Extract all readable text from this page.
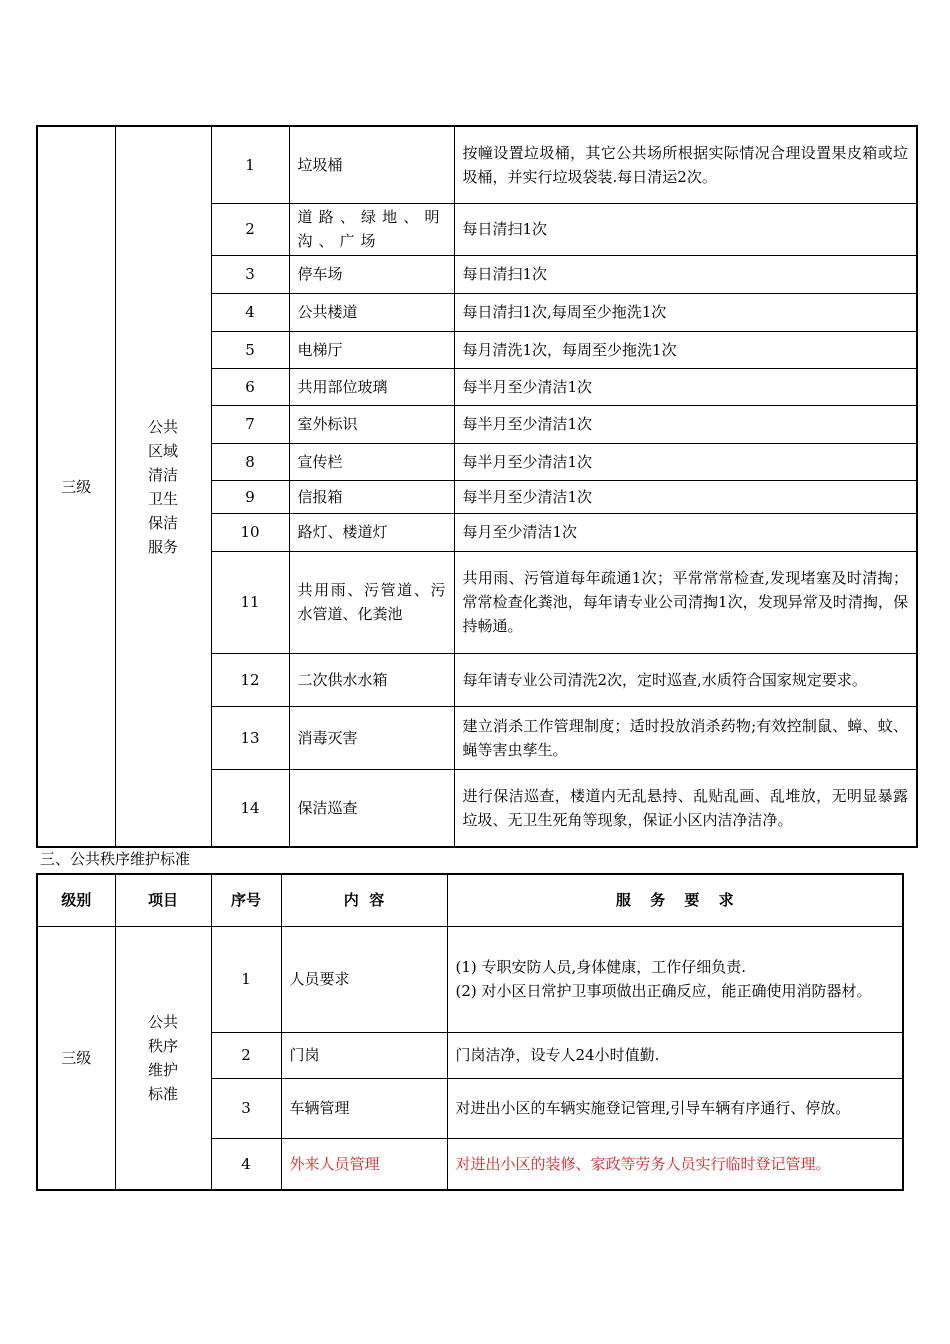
三级	公共区域清洁卫生保洁服务	1	垃圾桶	按幢设置垃圾桶，其它公共场所根据实际情况合理设置果皮箱或垃圾桶，并实行垃圾袋装.每日清运2次。
		2	道路、绿地、明沟、广场	每日清扫1次
		3	停车场	每日清扫1次
		4	公共楼道	每日清扫1次,每周至少拖洗1次
		5	电梯厅	每月清洗1次，每周至少拖洗1次
		6	共用部位玻璃	每半月至少清洁1次
		7	室外标识	每半月至少清洁1次
		8	宣传栏	每半月至少清洁1次
		9	信报箱	每半月至少清洁1次
		10	路灯、楼道灯	每月至少清洁1次
		11	共用雨、污管道、污水管道、化粪池	共用雨、污管道每年疏通1次；平常常常检查,发现堵塞及时清掏；常常检查化粪池，每年请专业公司清掏1次，发现异常及时清掏，保持畅通。
		12	二次供水水箱	每年请专业公司清洗2次，定时巡查,水质符合国家规定要求。
		13	消毒灭害	建立消杀工作管理制度；适时投放消杀药物;有效控制鼠、蟑、蚊、蝇等害虫孳生。
		14	保洁巡查	进行保洁巡查，楼道内无乱悬持、乱贴乱画、乱堆放，无明显暴露垃圾、无卫生死角等现象，保证小区内洁净洁净。
三、公共秩序维护标准
级别	项目	序号	内  容	服 务 要 求
三级	公共秩序维护标准	1	人员要求	(1) 专职安防人员,身体健康，工作仔细负责.
(2) 对小区日常护卫事项做出正确反应，能正确使用消防器材。
		2	门岗	门岗洁净，设专人24小时值勤.
		3	车辆管理	对进出小区的车辆实施登记管理,引导车辆有序通行、停放。
		4	外来人员管理	对进出小区的装修、家政等劳务人员实行临时登记管理。
